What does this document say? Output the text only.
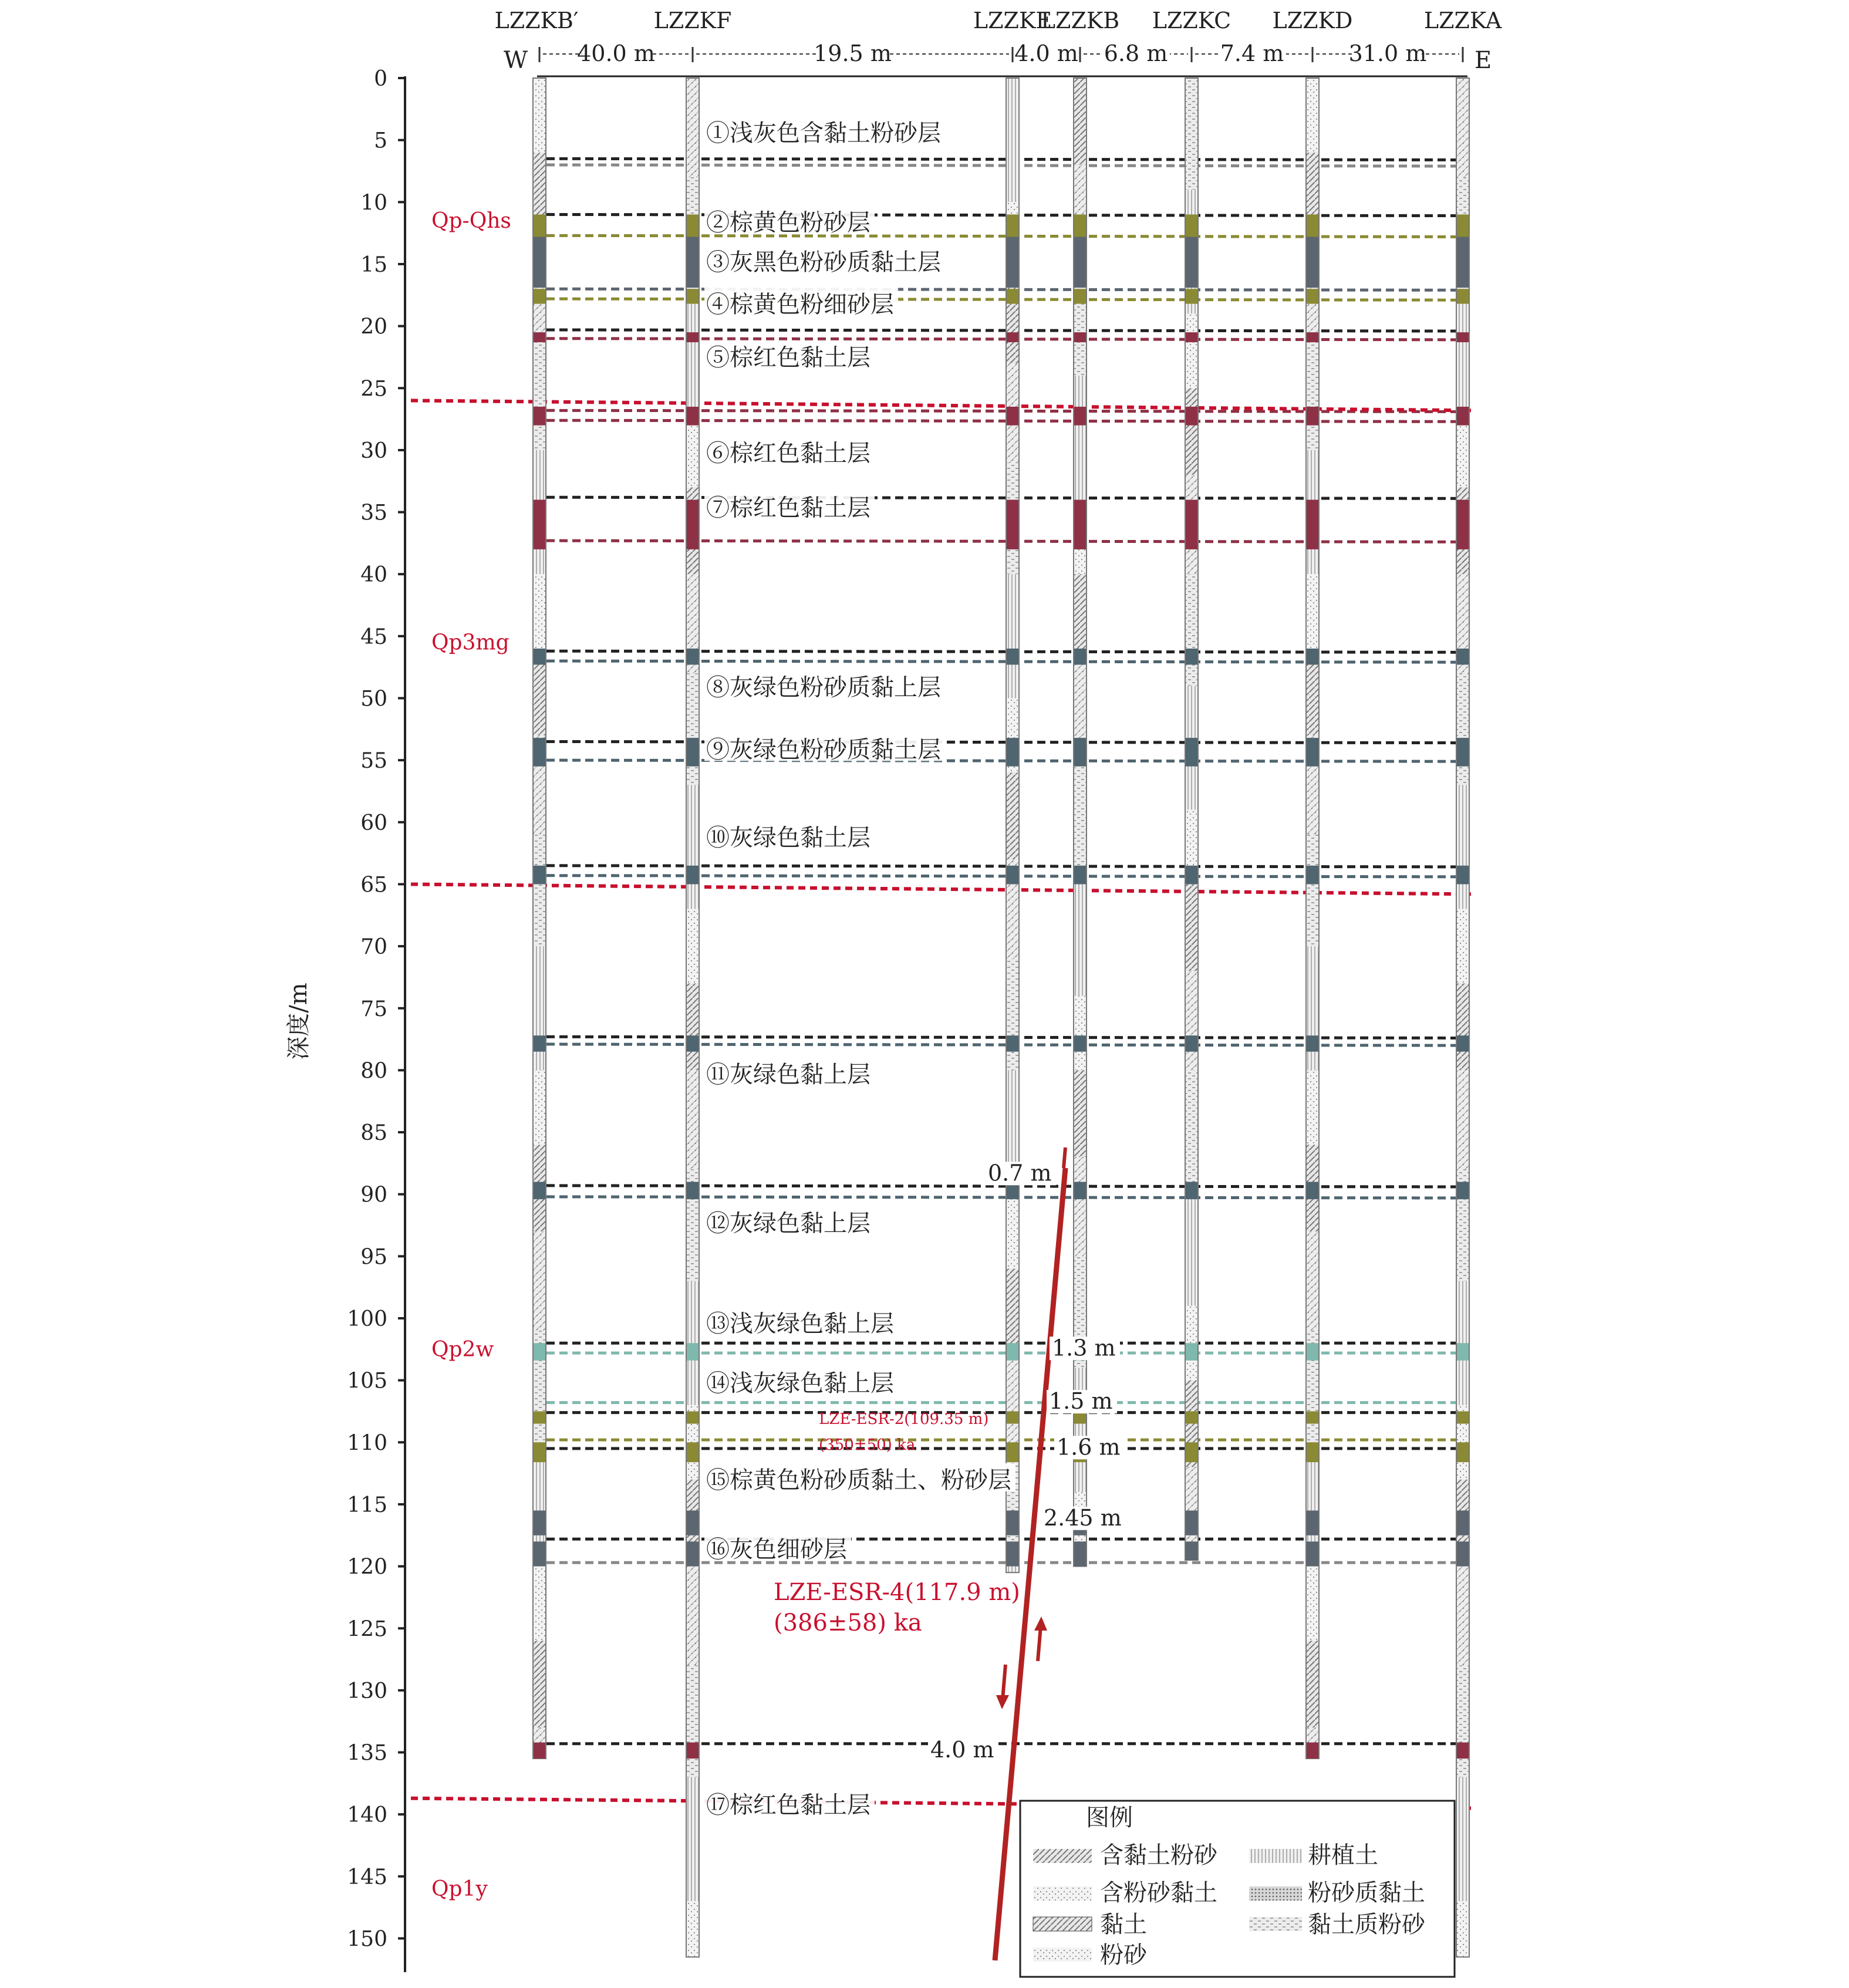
0
5
10
15
20
25
30
35
40
45
50
55
60
65
70
75
80
85
90
95
100
105
110
115
120
125
130
135
140
145
150
深度/m
W	E
LZZKB′	LZZKF	LZZKE
LZZKB LZZKC LZZKD	LZZKA
40.0 m	19.5 m	4.0 m 6.8 m 7.4 m	31.0 m
①浅灰色含黏土粉砂层
②棕黄色粉砂层
③灰黑色粉砂质黏土层
④棕黄色粉细砂层
⑤棕红色黏土层
⑥棕红色黏土层
⑦棕红色黏土层
⑧灰绿色粉砂质黏上层
⑨灰绿色粉砂质黏土层
⑩灰绿色黏土层
⑪灰绿色黏上层
⑫灰绿色黏上层
⑬浅灰绿色黏上层
⑭浅灰绿色黏上层
⑮棕黄色粉砂质黏土、粉砂层
⑯灰色细砂层
⑰棕红色黏土层
Qp-Qhs
Qp3mg
Qp2w
Qp1y
0.7 m
1.3 m
1.5 m
1.6 m
2.45 m
4.0 m
LZE-ESR-2(109.35 m)
(350±50) ka
LZE-ESR-4(117.9 m)
(386±58) ka
图例
含黏土粉砂	耕植土
含粉砂黏土	粉砂质黏土
黏土	黏土质粉砂
粉砂
